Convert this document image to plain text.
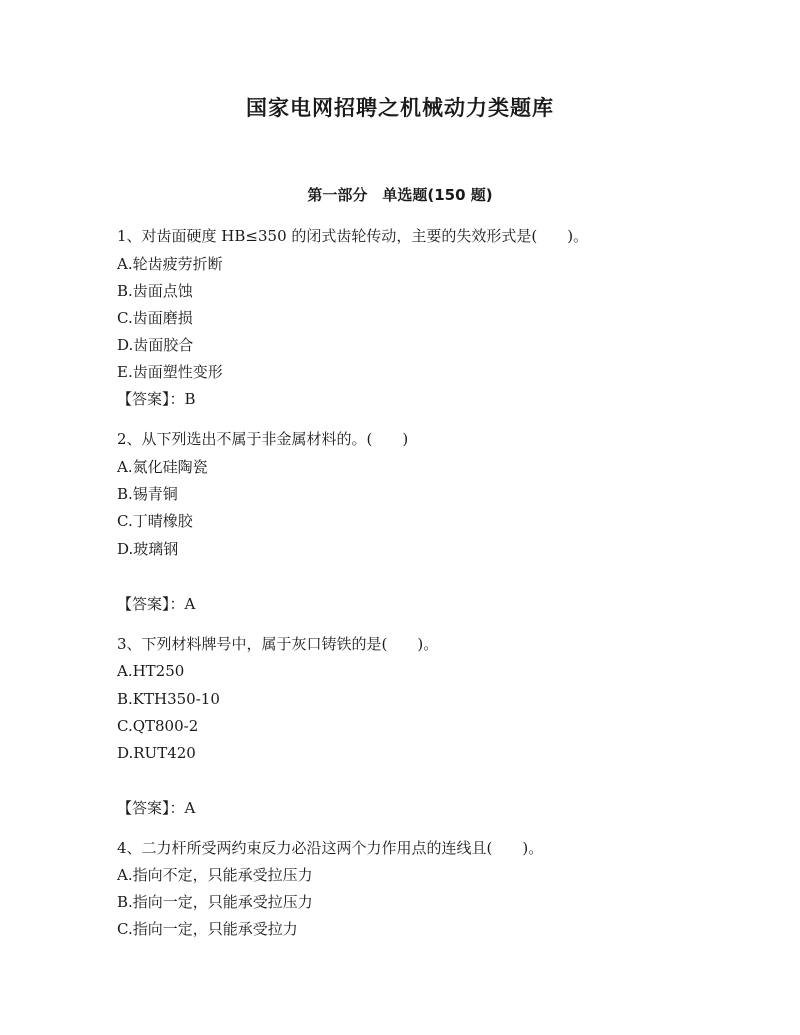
国家电网招聘之机械动力类题库
第一部分　单选题(150 题)

1、对齿面硬度 HB≤350 的闭式齿轮传动，主要的失效形式是(　　)。

A.轮齿疲劳折断

B.齿面点蚀

C.齿面磨损

D.齿面胶合

E.齿面塑性变形

【答案】：B

2、从下列选出不属于非金属材料的。(　　)

A.氮化硅陶瓷

B.锡青铜

C.丁晴橡胶

D.玻璃钢

【答案】：A

3、下列材料牌号中，属于灰口铸铁的是(　　)。

A.HT250

B.KTH350-10

C.QT800-2

D.RUT420

【答案】：A

4、二力杆所受两约束反力必沿这两个力作用点的连线且(　　)。

A.指向不定，只能承受拉压力

B.指向一定，只能承受拉压力

C.指向一定，只能承受拉力
